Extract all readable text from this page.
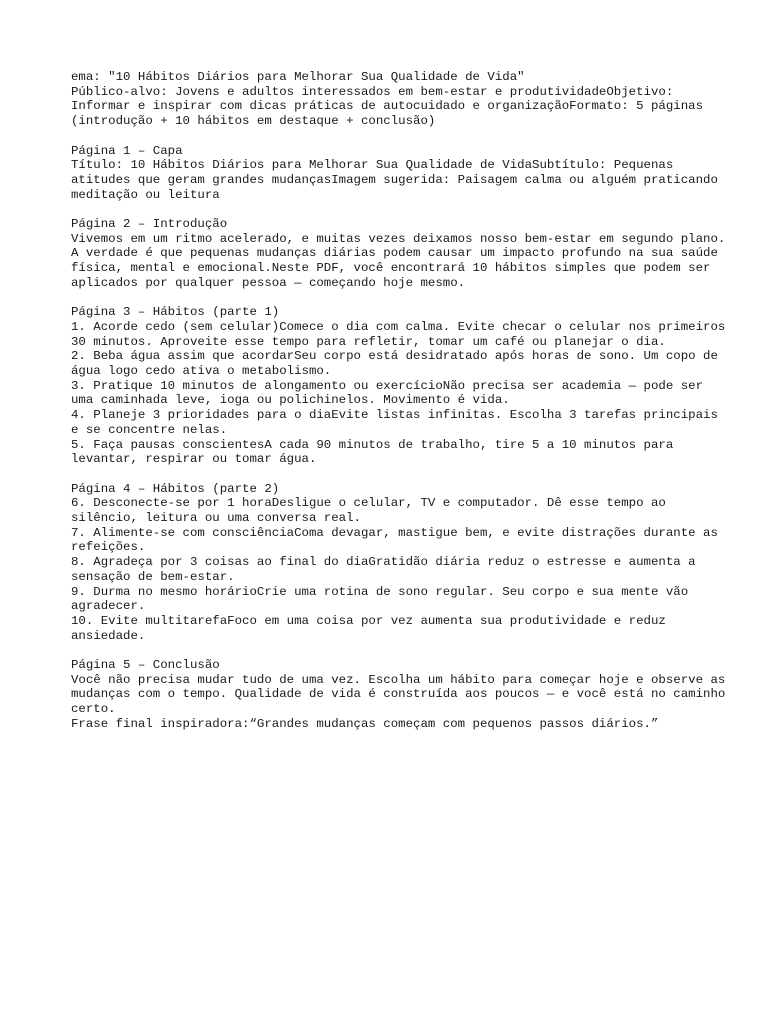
ema: "10 Hábitos Diários para Melhorar Sua Qualidade de Vida"
Público-alvo: Jovens e adultos interessados em bem-estar e produtividadeObjetivo: Informar e inspirar com dicas práticas de autocuidado e organizaçãoFormato: 5 páginas (introdução + 10 hábitos em destaque + conclusão)
Página 1 – Capa
Título: 10 Hábitos Diários para Melhorar Sua Qualidade de VidaSubtítulo: Pequenas atitudes que geram grandes mudançasImagem sugerida: Paisagem calma ou alguém praticando meditação ou leitura
Página 2 – Introdução
Vivemos em um ritmo acelerado, e muitas vezes deixamos nosso bem-estar em segundo plano. A verdade é que pequenas mudanças diárias podem causar um impacto profundo na sua saúde física, mental e emocional.Neste PDF, você encontrará 10 hábitos simples que podem ser aplicados por qualquer pessoa — começando hoje mesmo.
Página 3 – Hábitos (parte 1)
1. Acorde cedo (sem celular)Comece o dia com calma. Evite checar o celular nos primeiros 30 minutos. Aproveite esse tempo para refletir, tomar um café ou planejar o dia.
2. Beba água assim que acordarSeu corpo está desidratado após horas de sono. Um copo de água logo cedo ativa o metabolismo.
3. Pratique 10 minutos de alongamento ou exercícioNão precisa ser academia — pode ser uma caminhada leve, ioga ou polichinelos. Movimento é vida.
4. Planeje 3 prioridades para o diaEvite listas infinitas. Escolha 3 tarefas principais e se concentre nelas.
5. Faça pausas conscientesA cada 90 minutos de trabalho, tire 5 a 10 minutos para levantar, respirar ou tomar água.
Página 4 – Hábitos (parte 2)
6. Desconecte-se por 1 horaDesligue o celular, TV e computador. Dê esse tempo ao silêncio, leitura ou uma conversa real.
7. Alimente-se com consciênciaComa devagar, mastigue bem, e evite distrações durante as refeições.
8. Agradeça por 3 coisas ao final do diaGratidão diária reduz o estresse e aumenta a sensação de bem-estar.
9. Durma no mesmo horárioCrie uma rotina de sono regular. Seu corpo e sua mente vão agradecer.
10. Evite multitarefaFoco em uma coisa por vez aumenta sua produtividade e reduz ansiedade.
Página 5 – Conclusão
Você não precisa mudar tudo de uma vez. Escolha um hábito para começar hoje e observe as mudanças com o tempo. Qualidade de vida é construída aos poucos — e você está no caminho certo.
Frase final inspiradora:“Grandes mudanças começam com pequenos passos diários.”
